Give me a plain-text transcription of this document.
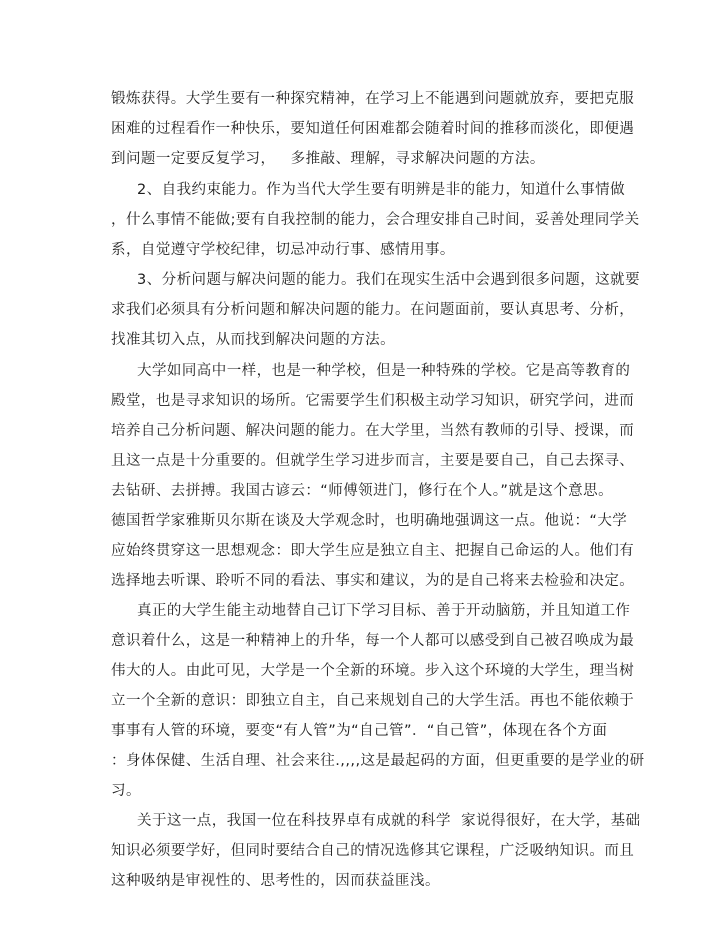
锻炼获得。大学生要有一种探究精神，在学习上不能遇到问题就放弃，要把克服
困难的过程看作一种快乐，要知道任何困难都会随着时间的推移而淡化，即便遇
到问题一定要反复学习，   多推敲、理解，寻求解决问题的方法。
2、自我约束能力。作为当代大学生要有明辨是非的能力，知道什么事情做
，什么事情不能做;要有自我控制的能力，会合理安排自己时间，妥善处理同学关
系，自觉遵守学校纪律，切忌冲动行事、感情用事。
3、分析问题与解决问题的能力。我们在现实生活中会遇到很多问题，这就要
求我们必须具有分析问题和解决问题的能力。在问题面前，要认真思考、分析，
找准其切入点，从而找到解决问题的方法。
大学如同高中一样，也是一种学校，但是一种特殊的学校。它是高等教育的
殿堂，也是寻求知识的场所。它需要学生们积极主动学习知识，研究学问，进而
培养自己分析问题、解决问题的能力。在大学里，当然有教师的引导、授课，而
且这一点是十分重要的。但就学生学习进步而言，主要是要自己，自己去探寻、
去钻研、去拼搏。我国古谚云：“师傅领进门，修行在个人。”就是这个意思。
德国哲学家雅斯贝尔斯在谈及大学观念时，也明确地强调这一点。他说：“大学
应始终贯穿这一思想观念：即大学生应是独立自主、把握自己命运的人。他们有
选择地去听课、聆听不同的看法、事实和建议，为的是自己将来去检验和决定。
真正的大学生能主动地替自己订下学习目标、善于开动脑筋，并且知道工作
意识着什么，这是一种精神上的升华，每一个人都可以感受到自己被召唤成为最
伟大的人。由此可见，大学是一个全新的环境。步入这个环境的大学生，理当树
立一个全新的意识：即独立自主，自己来规划自己的大学生活。再也不能依赖于
事事有人管的环境，要变“有人管”为“自己管”．“自己管”，体现在各个方面
：身体保健、生活自理、社会来往.,,,,这是最起码的方面，但更重要的是学业的研
习。
关于这一点，我国一位在科技界卓有成就的科学  家说得很好，在大学，基础
知识必须要学好，但同时要结合自己的情况选修其它课程，广泛吸纳知识。而且
这种吸纳是审视性的、思考性的，因而获益匪浅。
